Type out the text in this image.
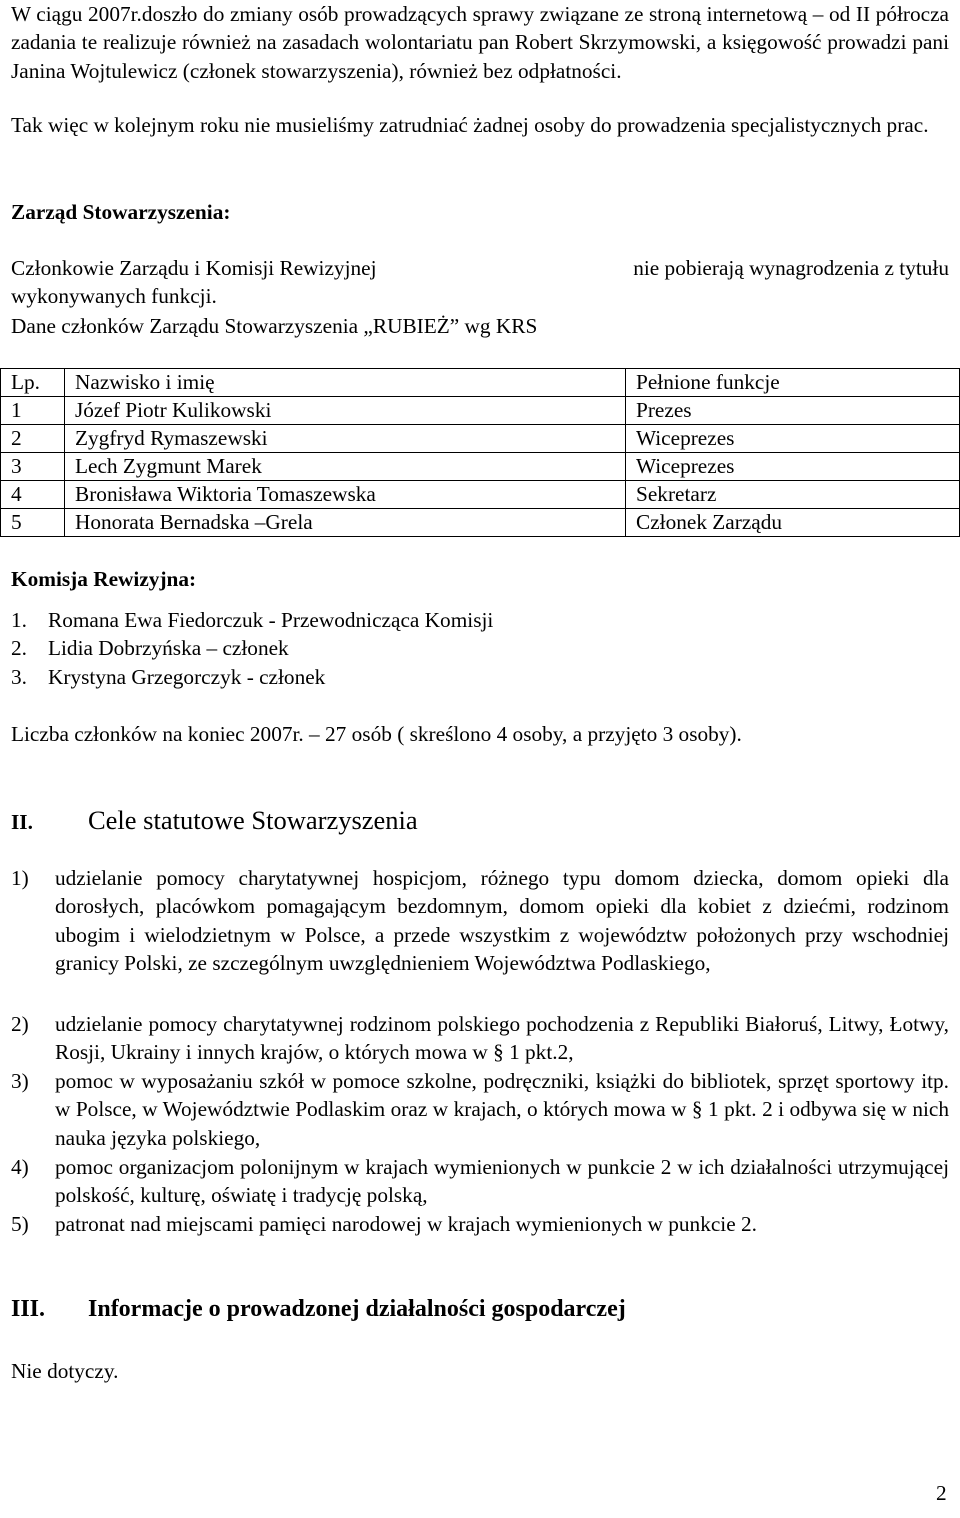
W ciągu 2007r.doszło do zmiany osób prowadzących sprawy związane ze stroną internetową – od II półrocza zadania te realizuje również na zasadach wolontariatu pan Robert Skrzymowski, a księgowość prowadzi pani Janina Wojtulewicz (członek stowarzyszenia), również bez odpłatności.

Tak więc w kolejnym roku nie musieliśmy zatrudniać żadnej osoby do prowadzenia specjalistycznych prac.

Zarząd Stowarzyszenia:
Członkowie Zarządu i Komisji Rewizyjnej	nie pobierają wynagrodzenia z tytułu
wykonywanych funkcji.
Dane członków Zarządu Stowarzyszenia „RUBIEŻ” wg KRS
Lp.	Nazwisko i imię	Pełnione funkcje
1	Józef Piotr Kulikowski	Prezes
2	Zygfryd Rymaszewski	Wiceprezes
3	Lech Zygmunt Marek	Wiceprezes
4	Bronisława Wiktoria Tomaszewska	Sekretarz
5	Honorata Bernadska –Grela	Członek Zarządu
Komisja Rewizyjna:
1. Romana Ewa Fiedorczuk - Przewodnicząca Komisji
2. Lidia Dobrzyńska – członek
3. Krystyna Grzegorczyk - członek
Liczba członków na koniec 2007r. – 27 osób ( skreślono 4 osoby, a przyjęto 3 osoby).
II. Cele statutowe Stowarzyszenia
1)	udzielanie pomocy charytatywnej hospicjom, różnego typu domom dziecka, domom opieki dla dorosłych, placówkom pomagającym bezdomnym, domom opieki dla kobiet z dziećmi, rodzinom ubogim i wielodzietnym w Polsce, a przede wszystkim z województw położonych przy wschodniej granicy Polski, ze szczególnym uwzględnieniem Województwa Podlaskiego,
2)	udzielanie pomocy charytatywnej rodzinom polskiego pochodzenia z Republiki Białoruś, Litwy, Łotwy, Rosji, Ukrainy i innych krajów, o których mowa w § 1 pkt.2,
3)	pomoc w wyposażaniu szkół w pomoce szkolne, podręczniki, książki do bibliotek, sprzęt sportowy itp. w Polsce, w Województwie Podlaskim oraz w krajach, o których mowa w § 1 pkt. 2 i odbywa się w nich nauka języka polskiego,
4)	pomoc organizacjom polonijnym w krajach wymienionych w punkcie 2 w ich działalności utrzymującej polskość, kulturę, oświatę i tradycję polską,
5)	patronat nad miejscami pamięci narodowej w krajach wymienionych w punkcie 2.
III. Informacje o prowadzonej działalności gospodarczej
Nie dotyczy.
2
